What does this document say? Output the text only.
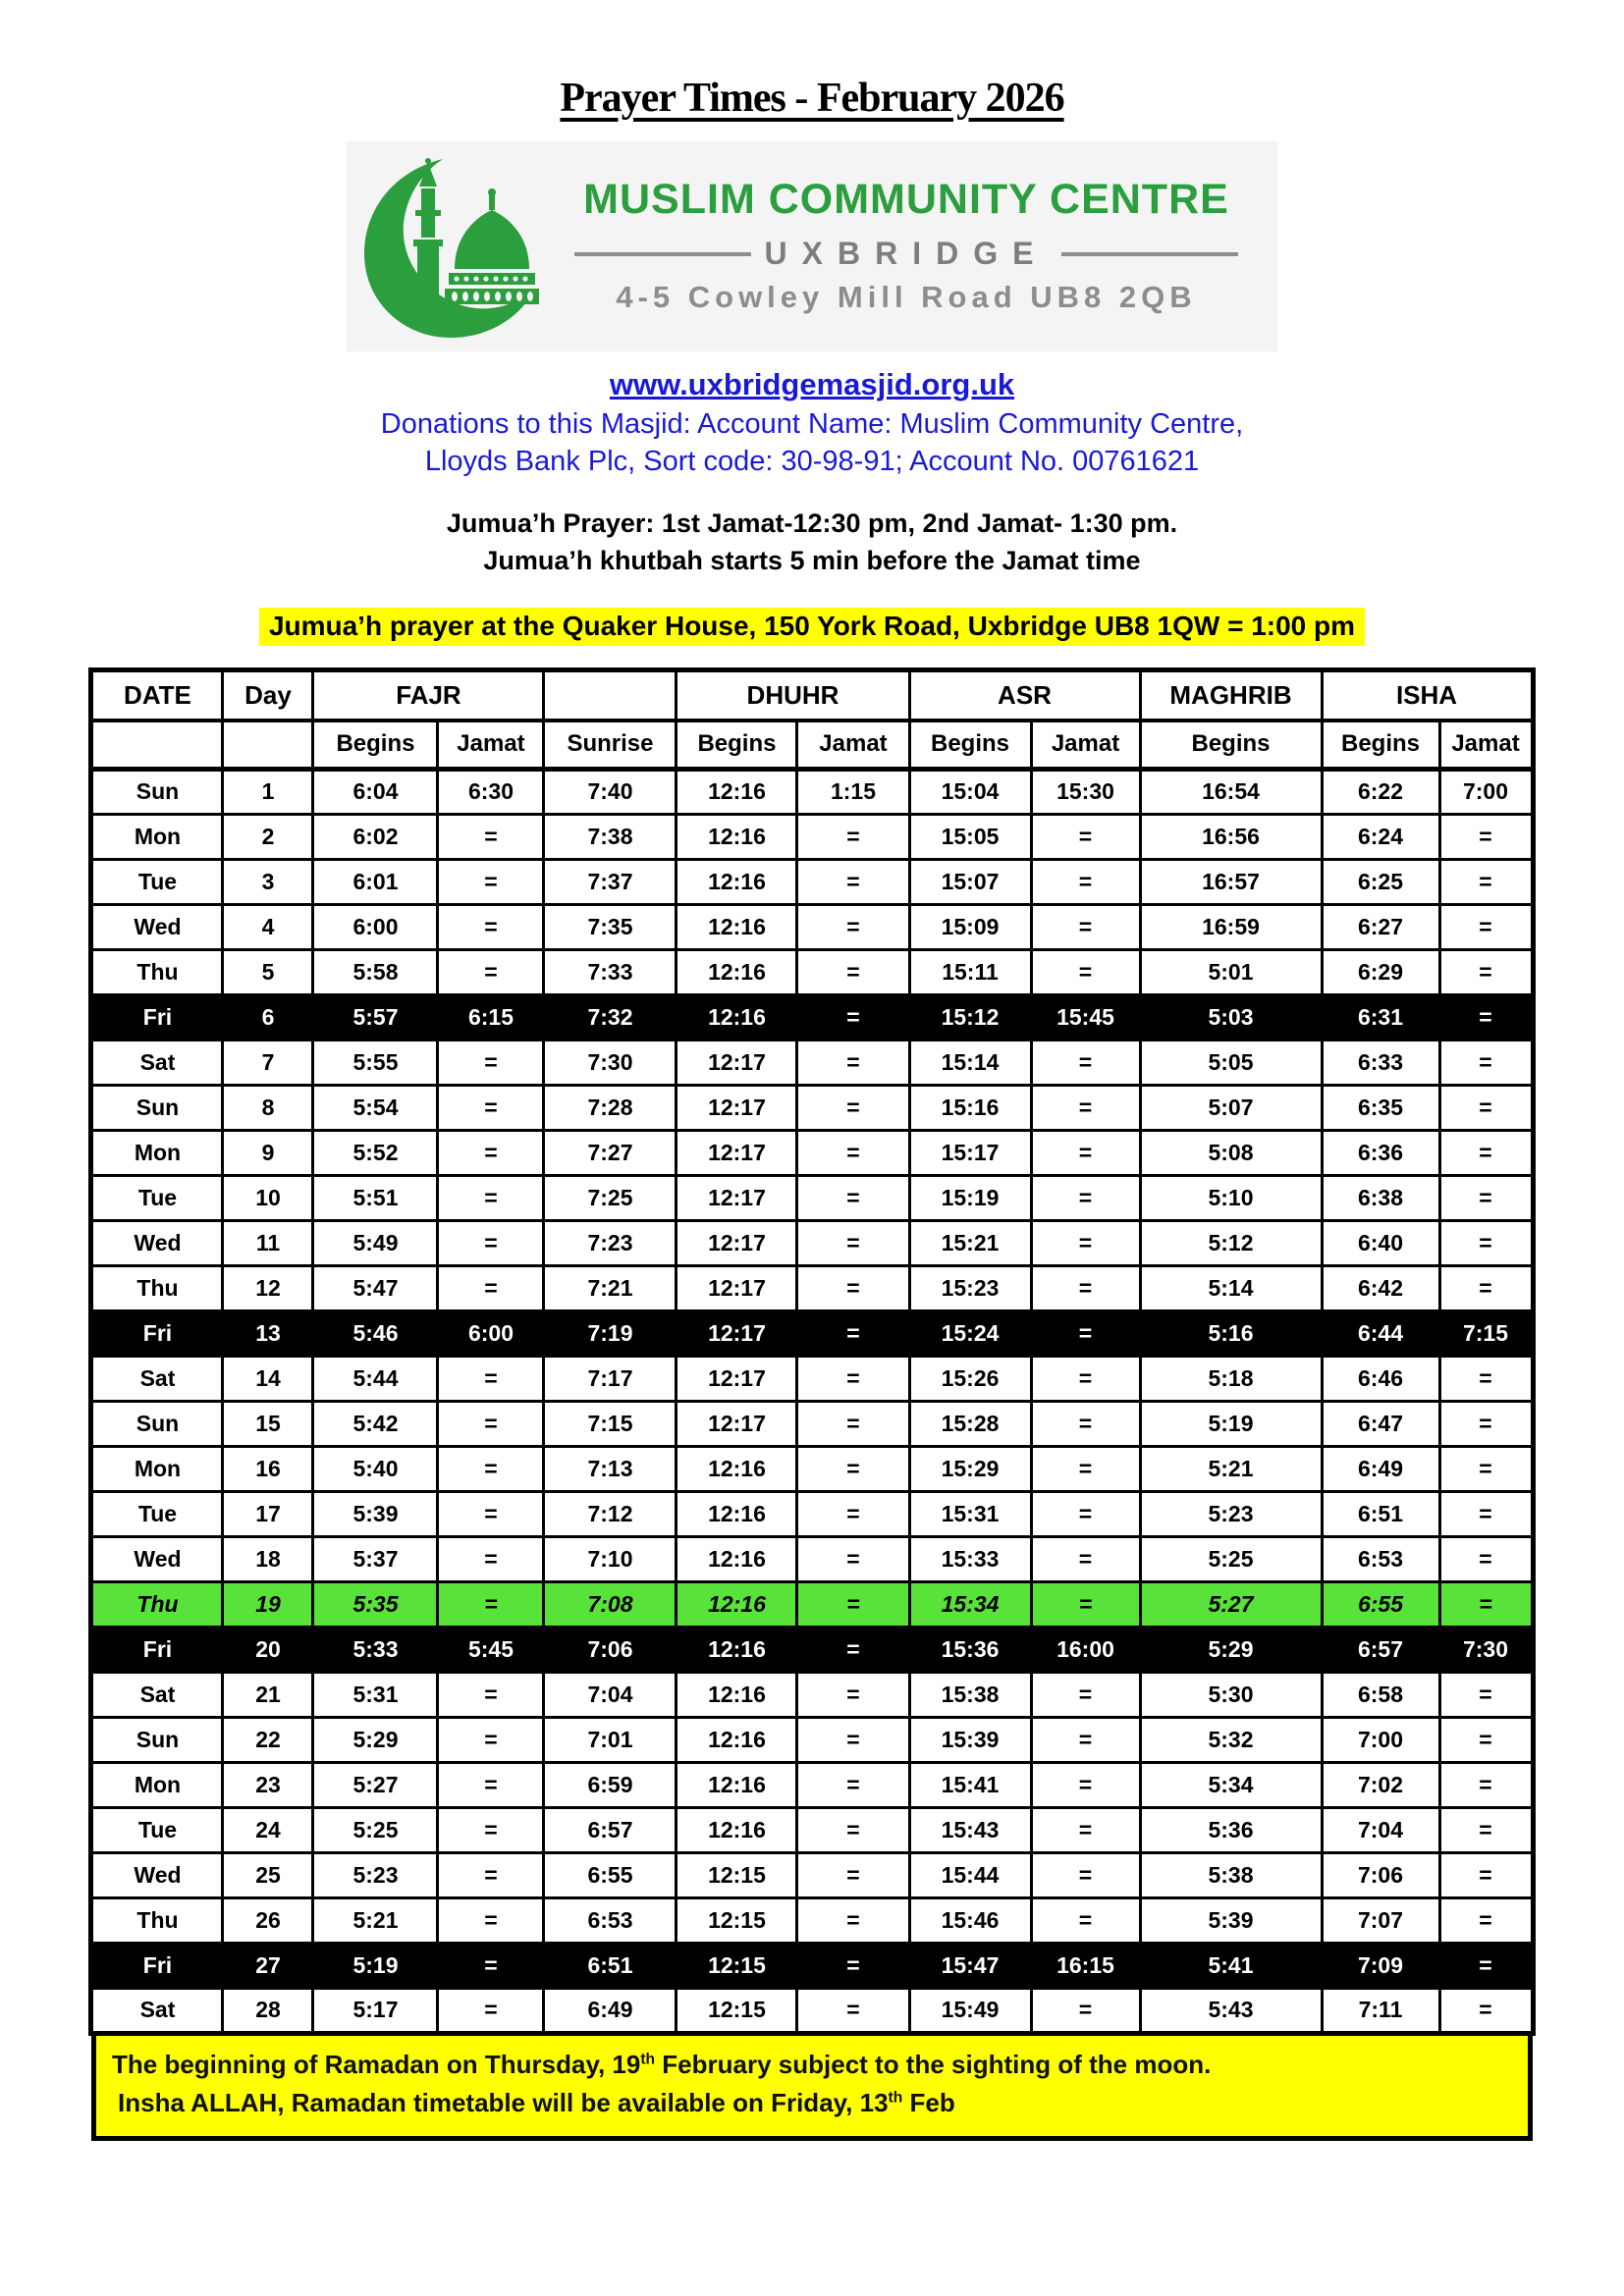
Prayer Times - February 2026
MUSLIM COMMUNITY CENTRE
UXBRIDGE
4-5 Cowley Mill Road UB8 2QB
www.uxbridgemasjid.org.uk
Donations to this Masjid: Account Name: Muslim Community Centre,
Lloyds Bank Plc, Sort code: 30-98-91; Account No. 00761621
Jumua’h Prayer: 1st Jamat-12:30 pm, 2nd Jamat- 1:30 pm.
Jumua’h khutbah starts 5 min before the Jamat time
Jumua’h prayer at the Quaker House, 150 York Road, Uxbridge UB8 1QW = 1:00 pm
DATE	Day	FAJR			DHUHR		ASR		MAGHRIB	ISHA	
		Begins	Jamat	Sunrise	Begins	Jamat	Begins	Jamat	Begins	Begins	Jamat
Sun	1	6:04	6:30	7:40	12:16	1:15	15:04	15:30	16:54	6:22	7:00
Mon	2	6:02	=	7:38	12:16	=	15:05	=	16:56	6:24	=
Tue	3	6:01	=	7:37	12:16	=	15:07	=	16:57	6:25	=
Wed	4	6:00	=	7:35	12:16	=	15:09	=	16:59	6:27	=
Thu	5	5:58	=	7:33	12:16	=	15:11	=	5:01	6:29	=
Fri	6	5:57	6:15	7:32	12:16	=	15:12	15:45	5:03	6:31	=
Sat	7	5:55	=	7:30	12:17	=	15:14	=	5:05	6:33	=
Sun	8	5:54	=	7:28	12:17	=	15:16	=	5:07	6:35	=
Mon	9	5:52	=	7:27	12:17	=	15:17	=	5:08	6:36	=
Tue	10	5:51	=	7:25	12:17	=	15:19	=	5:10	6:38	=
Wed	11	5:49	=	7:23	12:17	=	15:21	=	5:12	6:40	=
Thu	12	5:47	=	7:21	12:17	=	15:23	=	5:14	6:42	=
Fri	13	5:46	6:00	7:19	12:17	=	15:24	=	5:16	6:44	7:15
Sat	14	5:44	=	7:17	12:17	=	15:26	=	5:18	6:46	=
Sun	15	5:42	=	7:15	12:17	=	15:28	=	5:19	6:47	=
Mon	16	5:40	=	7:13	12:16	=	15:29	=	5:21	6:49	=
Tue	17	5:39	=	7:12	12:16	=	15:31	=	5:23	6:51	=
Wed	18	5:37	=	7:10	12:16	=	15:33	=	5:25	6:53	=
Thu	19	5:35	=	7:08	12:16	=	15:34	=	5:27	6:55	=
Fri	20	5:33	5:45	7:06	12:16	=	15:36	16:00	5:29	6:57	7:30
Sat	21	5:31	=	7:04	12:16	=	15:38	=	5:30	6:58	=
Sun	22	5:29	=	7:01	12:16	=	15:39	=	5:32	7:00	=
Mon	23	5:27	=	6:59	12:16	=	15:41	=	5:34	7:02	=
Tue	24	5:25	=	6:57	12:16	=	15:43	=	5:36	7:04	=
Wed	25	5:23	=	6:55	12:15	=	15:44	=	5:38	7:06	=
Thu	26	5:21	=	6:53	12:15	=	15:46	=	5:39	7:07	=
Fri	27	5:19	=	6:51	12:15	=	15:47	16:15	5:41	7:09	=
Sat	28	5:17	=	6:49	12:15	=	15:49	=	5:43	7:11	=
The beginning of Ramadan on Thursday, 19th February subject to the sighting of the moon.
Insha ALLAH, Ramadan timetable will be available on Friday, 13th Feb
